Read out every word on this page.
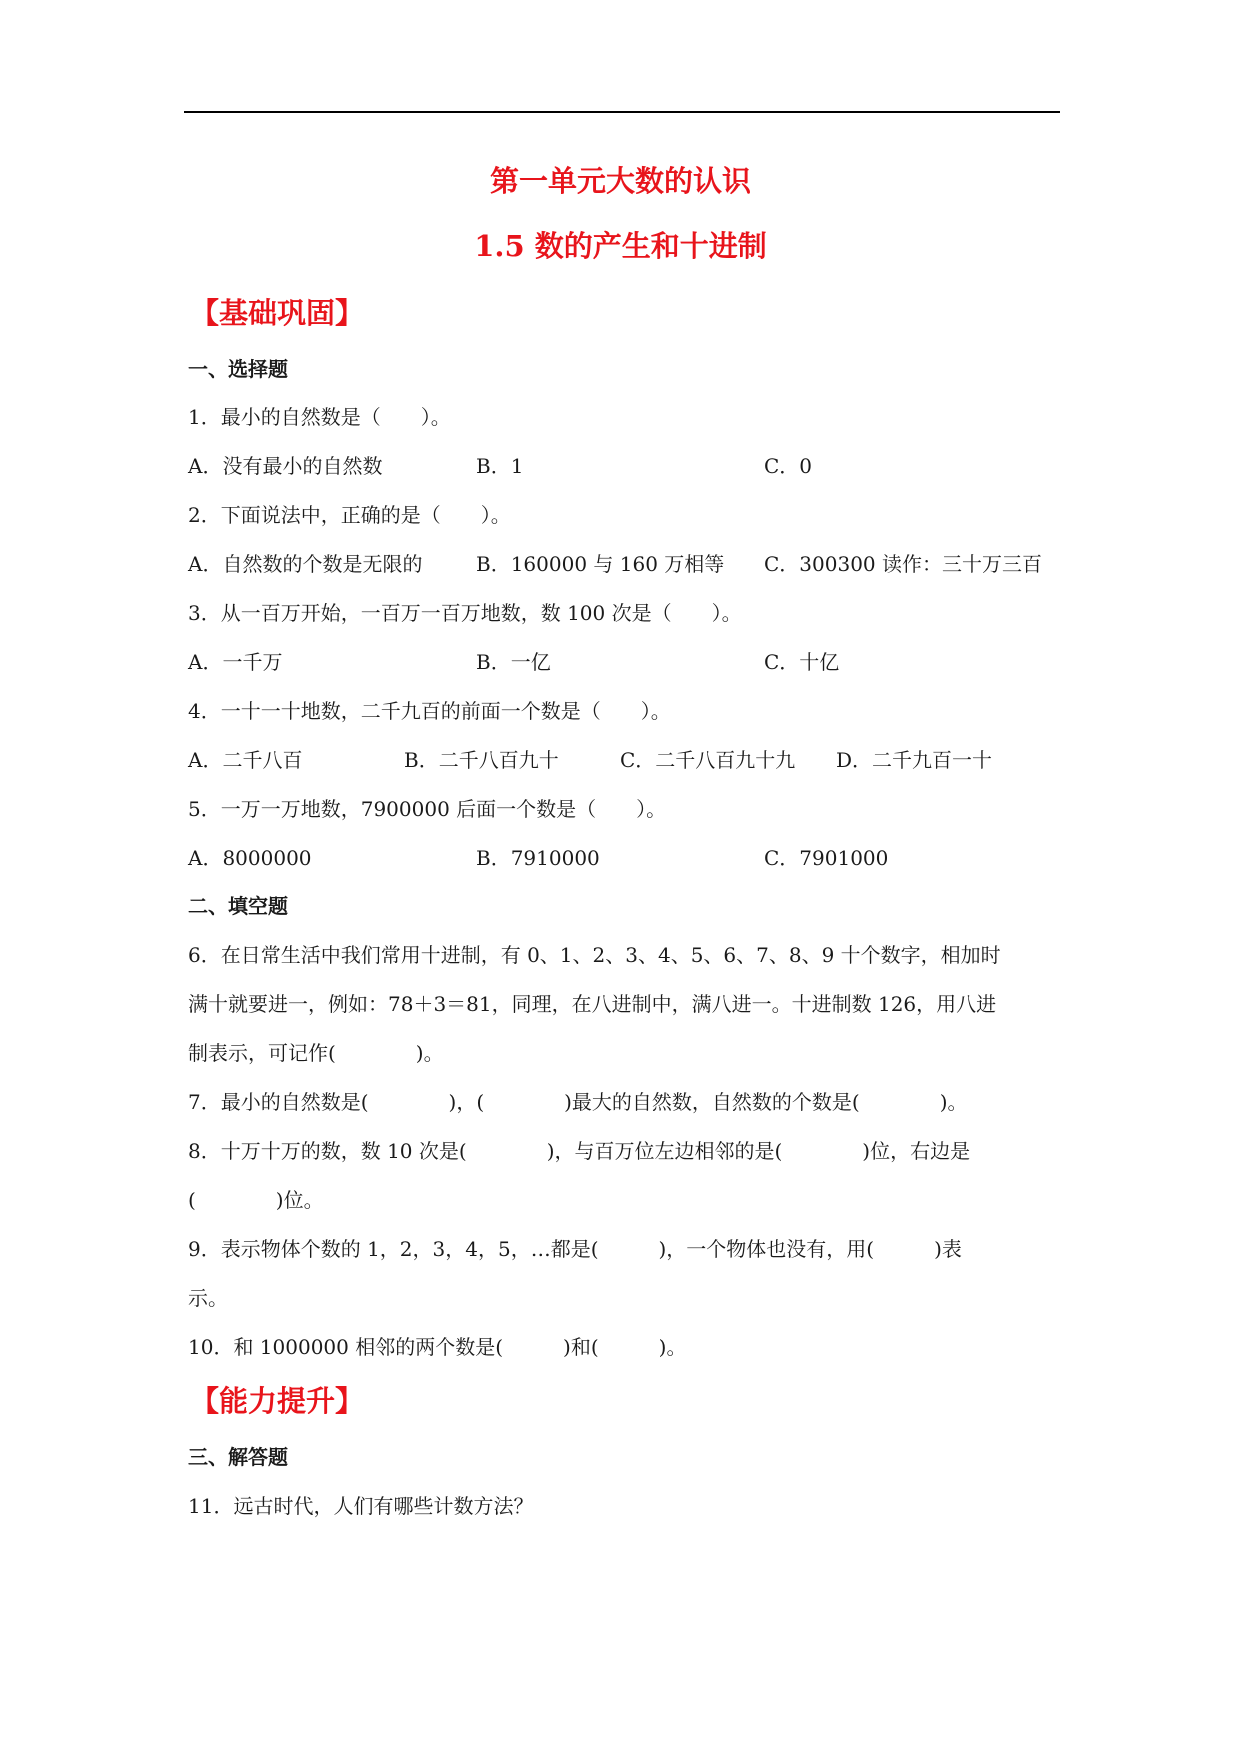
第一单元大数的认识
1.5 数的产生和十进制
【基础巩固】
一、选择题
1．最小的自然数是（　　）。
A．没有最小的自然数	B．1	C．0
2．下面说法中，正确的是（　　）。
A．自然数的个数是无限的	B．160000 与 160 万相等 C．300300 读作：三十万三百
3．从一百万开始，一百万一百万地数，数 100 次是（　　）。
A．一千万	B．一亿	C．十亿
4．一十一十地数，二千九百的前面一个数是（　　）。
A．二千八百	B．二千八百九十	C．二千八百九十九 D．二千九百一十
5．一万一万地数，7900000 后面一个数是（　　）。
A．8000000	B．7910000	C．7901000
二、填空题
6．在日常生活中我们常用十进制，有 0、1、2、3、4、5、6、7、8、9 十个数字，相加时
满十就要进一，例如：78＋3＝81，同理，在八进制中，满八进一。十进制数 126，用八进
制表示，可记作(　　　　)。
7．最小的自然数是(　　　　)，(　　　　)最大的自然数，自然数的个数是(　　　　)。
8．十万十万的数，数 10 次是(　　　　)，与百万位左边相邻的是(　　　　)位，右边是
(　　　　)位。
9．表示物体个数的 1，2，3，4，5，…都是(　　　)，一个物体也没有，用(　　　)表
示。
10．和 1000000 相邻的两个数是(　　　)和(　　　)。
【能力提升】
三、解答题
11．远古时代，人们有哪些计数方法？
